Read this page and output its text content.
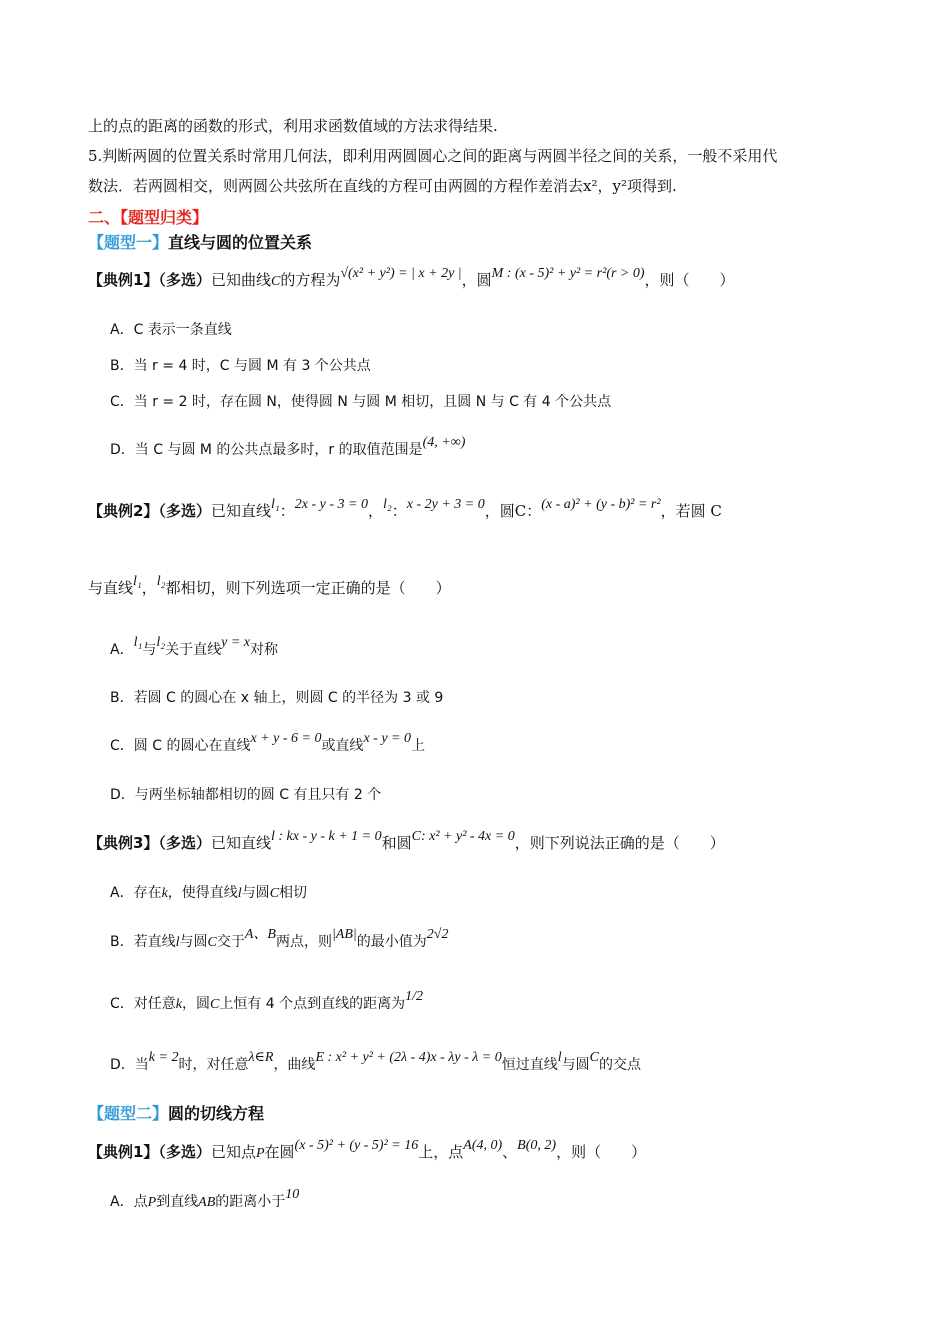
上的点的距离的函数的形式，利用求函数值域的方法求得结果.
5.判断两圆的位置关系时常用几何法，即利用两圆圆心之间的距离与两圆半径之间的关系，一般不采用代
数法．若两圆相交，则两圆公共弦所在直线的方程可由两圆的方程作差消去x²，y²项得到.
二、【题型归类】
【题型一】直线与圆的位置关系
【典例1】（多选）已知曲线C的方程为√(x² + y²) = | x + 2y |，圆M : (x - 5)² + y² = r²(r > 0)，则（　　）
A．C 表示一条直线
B．当 r = 4 时，C 与圆 M 有 3 个公共点
C．当 r = 2 时，存在圆 N，使得圆 N 与圆 M 相切，且圆 N 与 C 有 4 个公共点
D．当 C 与圆 M 的公共点最多时，r 的取值范围是(4, +∞)
【典例2】（多选）已知直线l₁：2x - y - 3 = 0，l₂：x - 2y + 3 = 0，圆C：(x - a)² + (y - b)² = r²，若圆 C
与直线l₁，l₂都相切，则下列选项一定正确的是（　　）
A．l₁与l₂关于直线y = x对称
B．若圆 C 的圆心在 x 轴上，则圆 C 的半径为 3 或 9
C．圆 C 的圆心在直线x + y - 6 = 0或直线x - y = 0上
D．与两坐标轴都相切的圆 C 有且只有 2 个
【典例3】（多选）已知直线l : kx - y - k + 1 = 0和圆C: x² + y² - 4x = 0，则下列说法正确的是（　　）
A．存在k，使得直线l与圆C相切
B．若直线l与圆C交于A、B两点，则|AB|的最小值为2√2
C．对任意k，圆C上恒有 4 个点到直线的距离为1/2
D．当k = 2时，对任意λ∈R，曲线E : x² + y² + (2λ - 4)x - λy - λ = 0恒过直线l与圆C的交点
【题型二】圆的切线方程
【典例1】（多选）已知点P在圆(x - 5)² + (y - 5)² = 16上，点A(4, 0)、B(0, 2)，则（　　）
A．点P到直线AB的距离小于10
